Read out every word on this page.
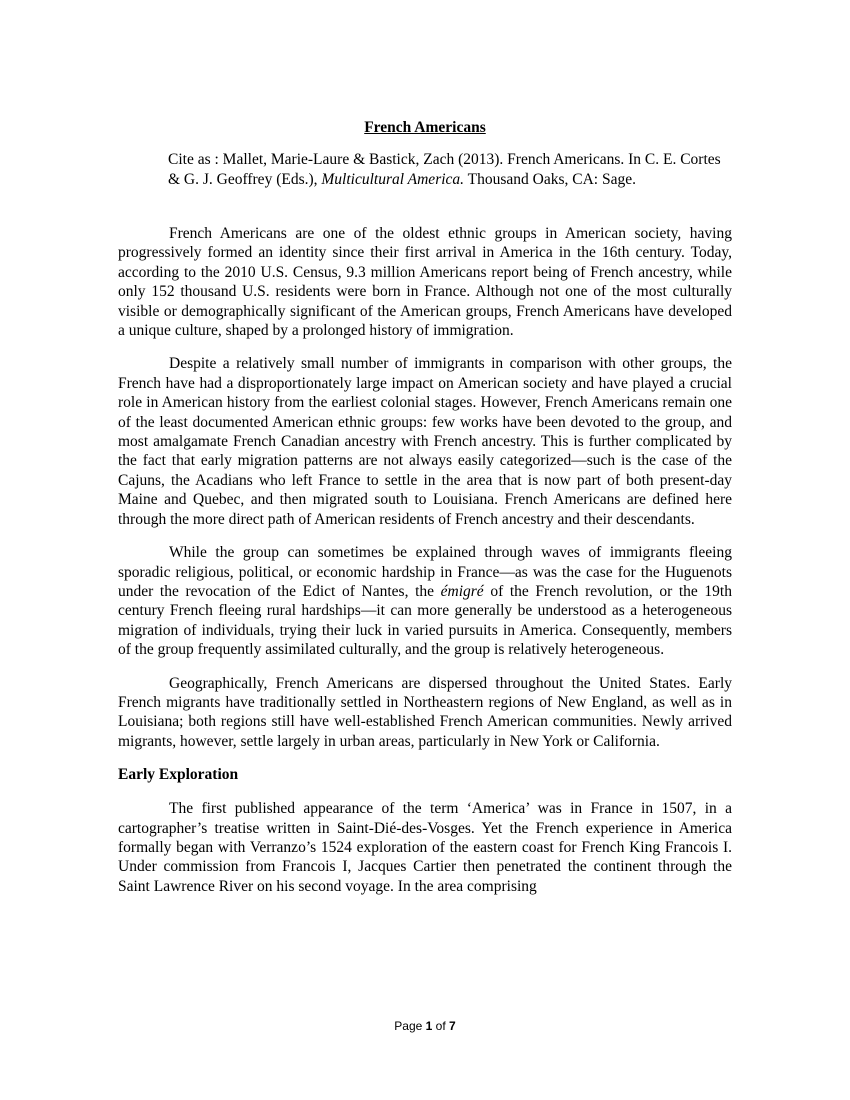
French Americans
Cite as : Mallet, Marie-Laure & Bastick, Zach (2013). French Americans. In C. E. Cortes & G. J. Geoffrey (Eds.), Multicultural America. Thousand Oaks, CA: Sage.

French Americans are one of the oldest ethnic groups in American society, having progressively formed an identity since their first arrival in America in the 16th century. Today, according to the 2010 U.S. Census, 9.3 million Americans report being of French ancestry, while only 152 thousand U.S. residents were born in France. Although not one of the most culturally visible or demographically significant of the American groups, French Americans have developed a unique culture, shaped by a prolonged history of immigration.

Despite a relatively small number of immigrants in comparison with other groups, the French have had a disproportionately large impact on American society and have played a crucial role in American history from the earliest colonial stages. However, French Americans remain one of the least documented American ethnic groups: few works have been devoted to the group, and most amalgamate French Canadian ancestry with French ancestry. This is further complicated by the fact that early migration patterns are not always easily categorized—such is the case of the Cajuns, the Acadians who left France to settle in the area that is now part of both present-day Maine and Quebec, and then migrated south to Louisiana. French Americans are defined here through the more direct path of American residents of French ancestry and their descendants.

While the group can sometimes be explained through waves of immigrants fleeing sporadic religious, political, or economic hardship in France—as was the case for the Huguenots under the revocation of the Edict of Nantes, the émigré of the French revolution, or the 19th century French fleeing rural hardships—it can more generally be understood as a heterogeneous migration of individuals, trying their luck in varied pursuits in America. Consequently, members of the group frequently assimilated culturally, and the group is relatively heterogeneous.

Geographically, French Americans are dispersed throughout the United States. Early French migrants have traditionally settled in Northeastern regions of New England, as well as in Louisiana; both regions still have well-established French American communities. Newly arrived migrants, however, settle largely in urban areas, particularly in New York or California.

Early Exploration

The first published appearance of the term ‘America’ was in France in 1507, in a cartographer’s treatise written in Saint-Dié-des-Vosges. Yet the French experience in America formally began with Verranzo’s 1524 exploration of the eastern coast for French King Francois I. Under commission from Francois I, Jacques Cartier then penetrated the continent through the Saint Lawrence River on his second voyage. In the area comprising

Page 1 of 7
